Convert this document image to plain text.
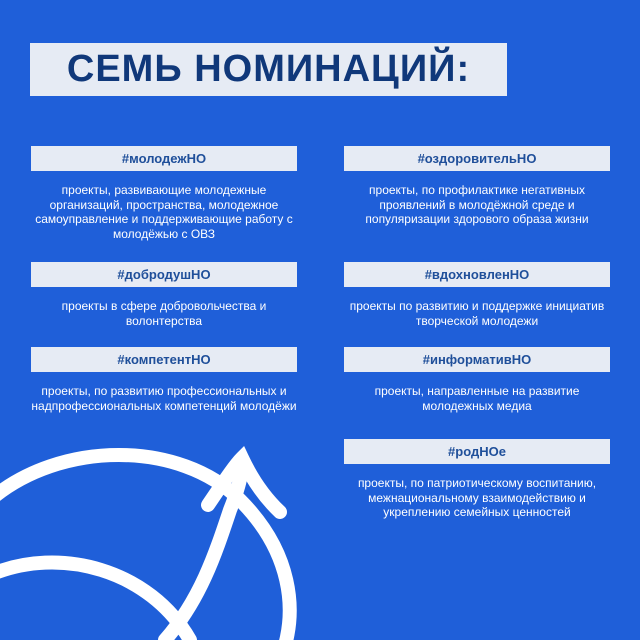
СЕМЬ НОМИНАЦИЙ:
#молодежНО
проекты, развивающие молодежные организаций, пространства, молодежное самоуправление и поддерживающие работу с молодёжью с ОВЗ
#оздоровительНО
проекты, по профилактике негативных проявлений в молодёжной среде и популяризации здорового образа жизни
#добродушНО
проекты в сфере добровольчества и волонтерства
#вдохновленНО
проекты по развитию и поддержке инициатив творческой молодежи
#компетентНО
проекты, по развитию профессиональных и надпрофессиональных компетенций молодёжи
#информативНО
проекты, направленные на развитие молодежных медиа
#родНОе
проекты, по патриотическому воспитанию, межнациональному взаимодействию и укреплению семейных ценностей
